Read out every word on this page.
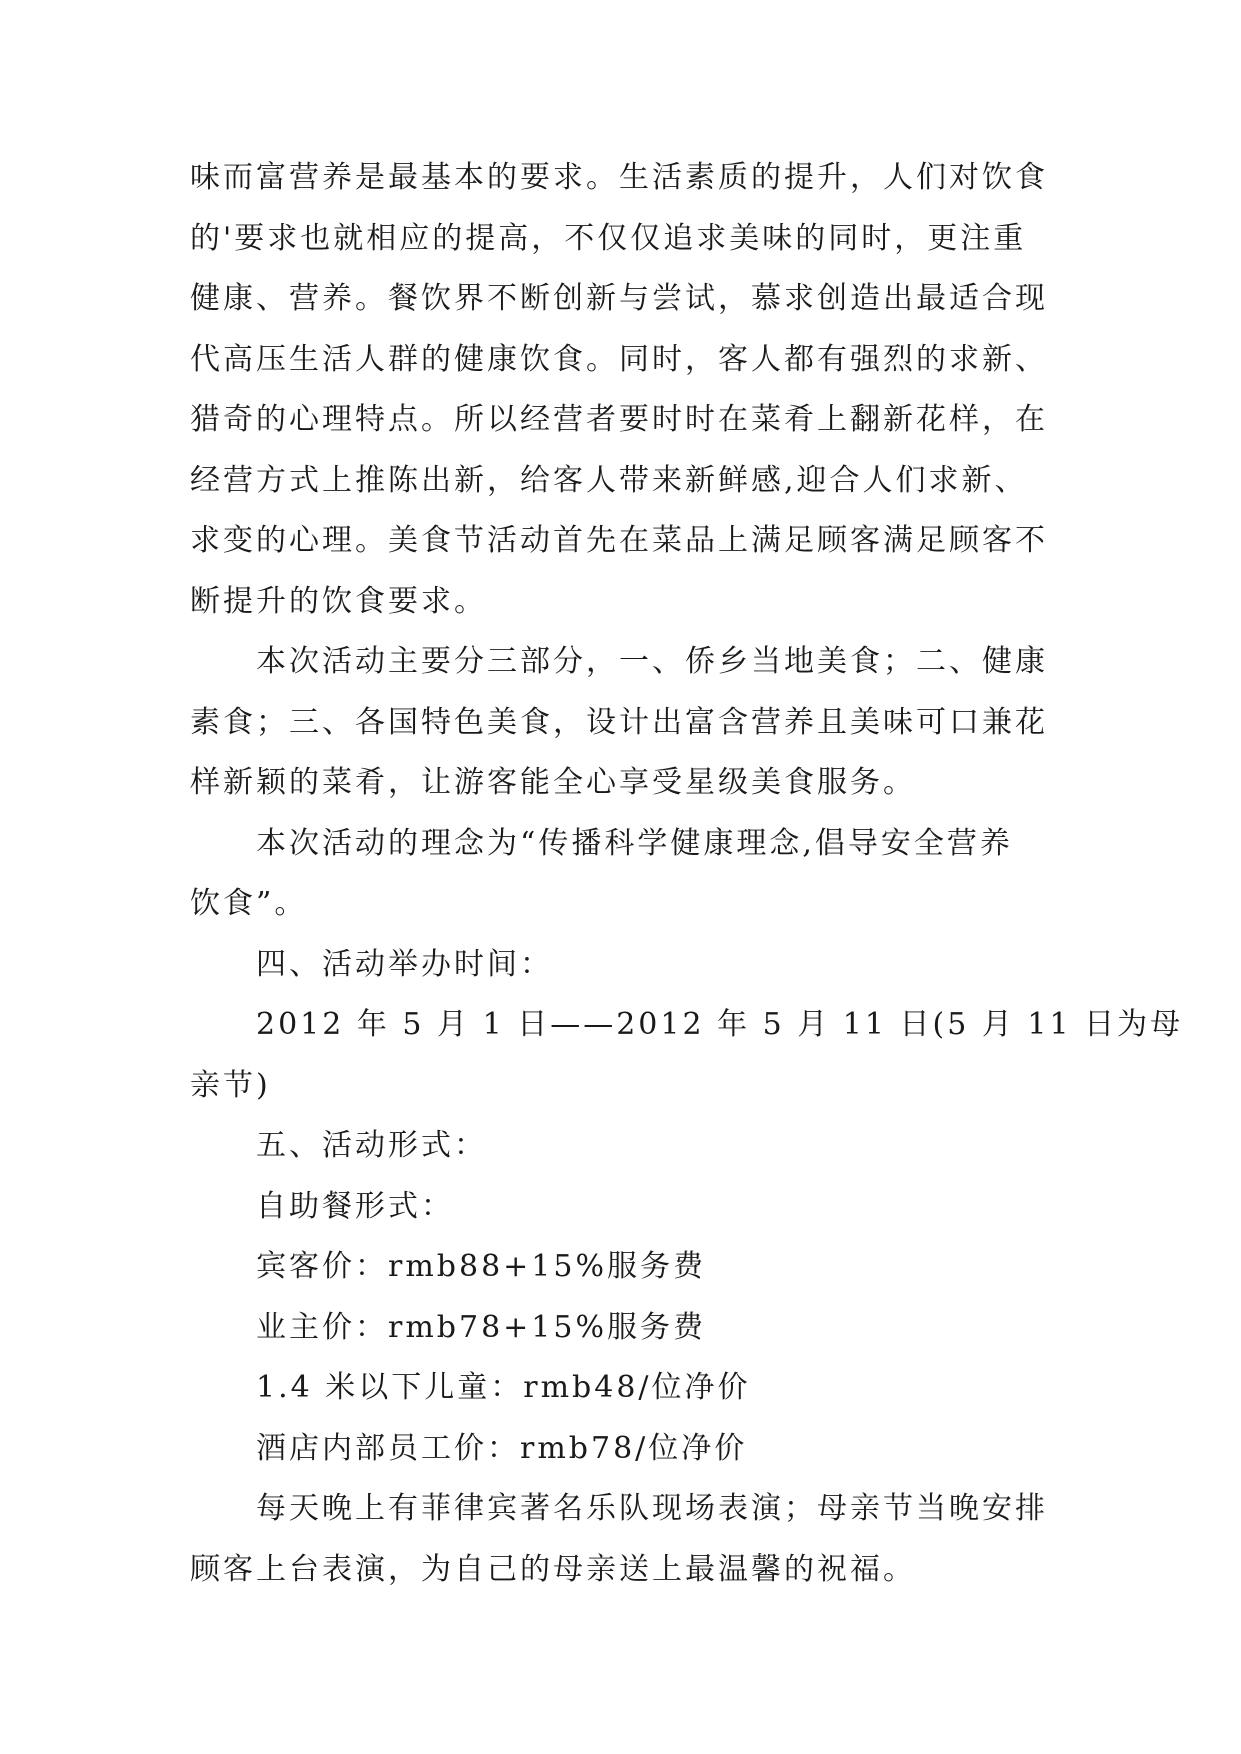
味而富营养是最基本的要求。生活素质的提升，人们对饮食
的'要求也就相应的提高，不仅仅追求美味的同时，更注重
健康、营养。餐饮界不断创新与尝试，慕求创造出最适合现
代高压生活人群的健康饮食。同时，客人都有强烈的求新、
猎奇的心理特点。所以经营者要时时在菜肴上翻新花样，在
经营方式上推陈出新，给客人带来新鲜感,迎合人们求新、
求变的心理。美食节活动首先在菜品上满足顾客满足顾客不
断提升的饮食要求。
本次活动主要分三部分，一、侨乡当地美食；二、健康
素食；三、各国特色美食，设计出富含营养且美味可口兼花
样新颖的菜肴，让游客能全心享受星级美食服务。
本次活动的理念为“传播科学健康理念,倡导安全营养
饮食”。
四、活动举办时间：
2012 年 5 月 1 日——2012 年 5 月 11 日(5 月 11 日为母
亲节)
五、活动形式：
自助餐形式：
宾客价：rmb88+15%服务费
业主价：rmb78+15%服务费
1.4 米以下儿童：rmb48/位净价
酒店内部员工价：rmb78/位净价
每天晚上有菲律宾著名乐队现场表演；母亲节当晚安排
顾客上台表演，为自己的母亲送上最温馨的祝福。
